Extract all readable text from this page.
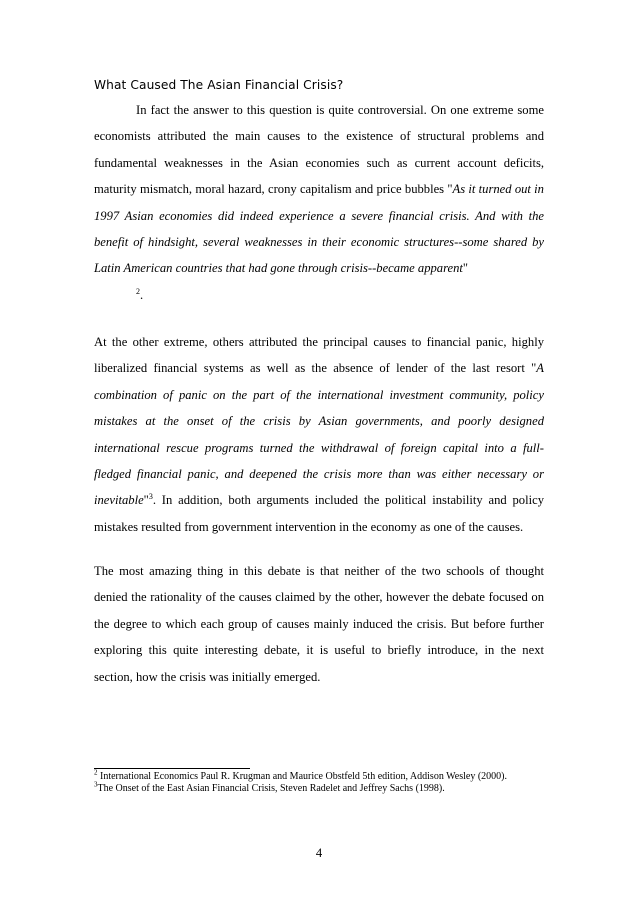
What Caused The Asian Financial Crisis?

In fact the answer to this question is quite controversial. On one extreme some economists attributed the main causes to the existence of structural problems and fundamental weaknesses in the Asian economies such as current account deficits, maturity mismatch, moral hazard, crony capitalism and price bubbles "As it turned out in 1997 Asian economies did indeed experience a severe financial crisis. And with the benefit of hindsight, several weaknesses in their economic structures--some shared by Latin American countries that had gone through crisis--became apparent"
$^2$.

At the other extreme, others attributed the principal causes to financial panic, highly liberalized financial systems as well as the absence of lender of the last resort "A combination of panic on the part of the international investment community, policy mistakes at the onset of the crisis by Asian governments, and poorly designed international rescue programs turned the withdrawal of foreign capital into a full-fledged financial panic, and deepened the crisis more than was either necessary or inevitable"$^3$. In addition, both arguments included the political instability and policy mistakes resulted from government intervention in the economy as one of the causes.

The most amazing thing in this debate is that neither of the two schools of thought denied the rationality of the causes claimed by the other, however the debate focused on the degree to which each group of causes mainly induced the crisis. But before further exploring this quite interesting debate, it is useful to briefly introduce, in the next section, how the crisis was initially emerged.

$^2$ International Economics Paul R. Krugman and Maurice Obstfeld 5th edition, Addison Wesley (2000).

$^3$The Onset of the East Asian Financial Crisis, Steven Radelet and Jeffrey Sachs (1998).

4
